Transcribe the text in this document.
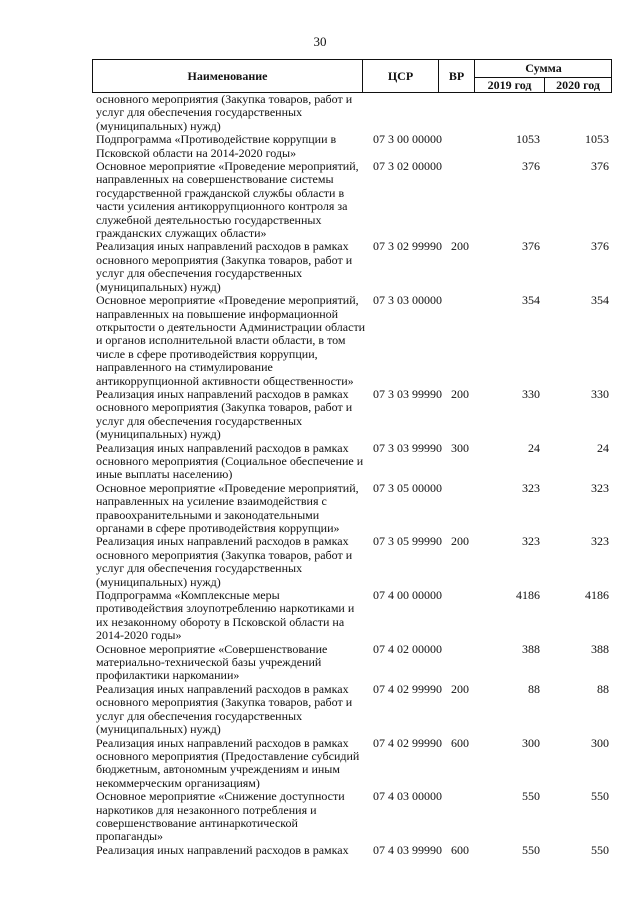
30
Наименование	ЦСР	ВР
Сумма
2019 год	2020 год
основного мероприятия (Закупка товаров, работ и
услуг для обеспечения государственных
(муниципальных) нужд)
Подпрограмма «Противодействие коррупции в
Псковской области на 2014-2020 годы»
07 3 00 00000	1053	1053
Основное мероприятие «Проведение мероприятий,
направленных на совершенствование системы
государственной гражданской службы области в
части усиления антикоррупционного контроля за
служебной деятельностью государственных
гражданских служащих области»
07 3 02 00000	376	376
Реализация иных направлений расходов в рамках
основного мероприятия (Закупка товаров, работ и
услуг для обеспечения государственных
(муниципальных) нужд)
07 3 02 99990 200	376	376
Основное мероприятие «Проведение мероприятий,
направленных на повышение информационной
открытости о деятельности Администрации области
и органов исполнительной власти области, в том
числе в сфере противодействия коррупции,
направленного на стимулирование
антикоррупционной активности общественности»
07 3 03 00000	354	354
Реализация иных направлений расходов в рамках
основного мероприятия (Закупка товаров, работ и
услуг для обеспечения государственных
(муниципальных) нужд)
07 3 03 99990 200	330	330
Реализация иных направлений расходов в рамках
основного мероприятия (Социальное обеспечение и
иные выплаты населению)
07 3 03 99990 300	24	24
Основное мероприятие «Проведение мероприятий,
направленных на усиление взаимодействия с
правоохранительными и законодательными
органами в сфере противодействия коррупции»
07 3 05 00000	323	323
Реализация иных направлений расходов в рамках
основного мероприятия (Закупка товаров, работ и
услуг для обеспечения государственных
(муниципальных) нужд)
07 3 05 99990 200	323	323
Подпрограмма «Комплексные меры
противодействия злоупотреблению наркотиками и
их незаконному обороту в Псковской области на
2014-2020 годы»
07 4 00 00000	4186	4186
Основное мероприятие «Совершенствование
материально-технической базы учреждений
профилактики наркомании»
07 4 02 00000	388	388
Реализация иных направлений расходов в рамках
основного мероприятия (Закупка товаров, работ и
услуг для обеспечения государственных
(муниципальных) нужд)
07 4 02 99990 200	88	88
Реализация иных направлений расходов в рамках
основного мероприятия (Предоставление субсидий
бюджетным, автономным учреждениям и иным
некоммерческим организациям)
07 4 02 99990 600	300	300
Основное мероприятие «Снижение доступности
наркотиков для незаконного потребления и
совершенствование антинаркотической
пропаганды»
07 4 03 00000	550	550
Реализация иных направлений расходов в рамках	07 4 03 99990 600	550	550
